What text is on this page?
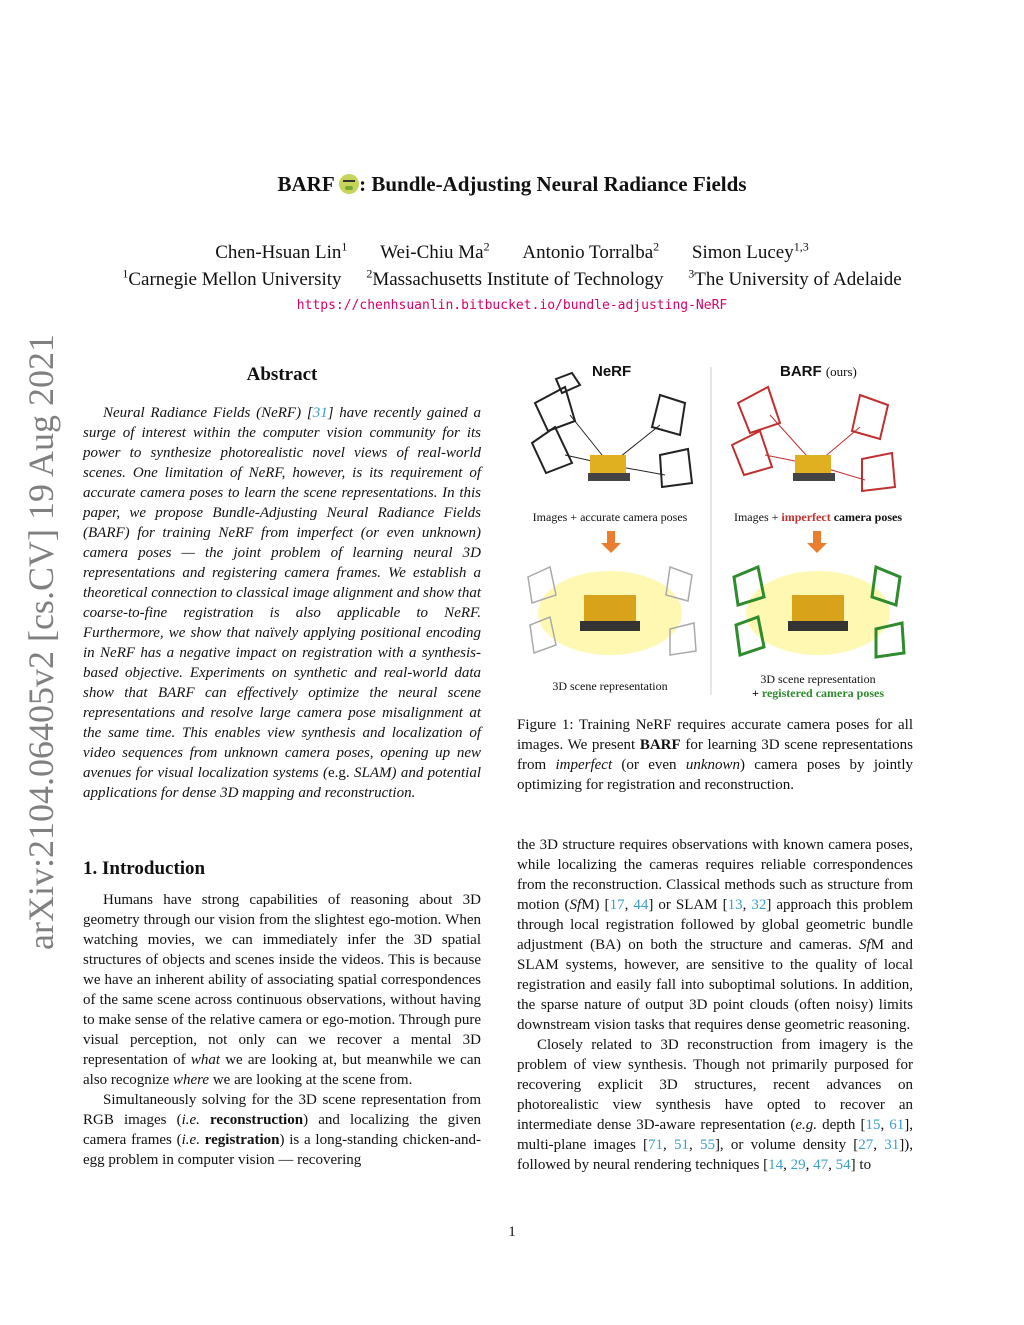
arXiv:2104.06405v2 [cs.CV] 19 Aug 2021
BARF : Bundle-Adjusting Neural Radiance Fields
Chen-Hsuan Lin$^1$ Wei-Chiu Ma$^2$ Antonio Torralba$^2$ Simon Lucey$^{1,3}$
$^1$Carnegie Mellon University $^2$Massachusetts Institute of Technology $^3$The University of Adelaide
https://chenhsuanlin.bitbucket.io/bundle-adjusting-NeRF
Abstract

Neural Radiance Fields (NeRF) [31] have recently gained a surge of interest within the computer vision community for its power to synthesize photorealistic novel views of real-world scenes. One limitation of NeRF, however, is its requirement of accurate camera poses to learn the scene representations. In this paper, we propose Bundle-Adjusting Neural Radiance Fields (BARF) for training NeRF from imperfect (or even unknown) camera poses — the joint problem of learning neural 3D representations and registering camera frames. We establish a theoretical connection to classical image alignment and show that coarse-to-fine registration is also applicable to NeRF. Furthermore, we show that naïvely applying positional encoding in NeRF has a negative impact on registration with a synthesis-based objective. Experiments on synthetic and real-world data show that BARF can effectively optimize the neural scene representations and resolve large camera pose misalignment at the same time. This enables view synthesis and localization of video sequences from unknown camera poses, opening up new avenues for visual localization systems (e.g. SLAM) and potential applications for dense 3D mapping and reconstruction.

NeRF	BARF (ours)
Images + accurate camera poses	Images + imperfect camera poses
3D scene representation	3D scene representation
+ registered camera poses

Figure 1: Training NeRF requires accurate camera poses for all images. We present BARF for learning 3D scene representations from imperfect (or even unknown) camera poses by jointly optimizing for registration and reconstruction.

1. Introduction

Humans have strong capabilities of reasoning about 3D geometry through our vision from the slightest ego-motion. When watching movies, we can immediately infer the 3D spatial structures of objects and scenes inside the videos. This is because we have an inherent ability of associating spatial correspondences of the same scene across continuous observations, without having to make sense of the relative camera or ego-motion. Through pure visual perception, not only can we recover a mental 3D representation of what we are looking at, but meanwhile we can also recognize where we are looking at the scene from.

Simultaneously solving for the 3D scene representation from RGB images (i.e. reconstruction) and localizing the given camera frames (i.e. registration) is a long-standing chicken-and-egg problem in computer vision — recovering

the 3D structure requires observations with known camera poses, while localizing the cameras requires reliable correspondences from the reconstruction. Classical methods such as structure from motion (SfM) [17, 44] or SLAM [13, 32] approach this problem through local registration followed by global geometric bundle adjustment (BA) on both the structure and cameras. SfM and SLAM systems, however, are sensitive to the quality of local registration and easily fall into suboptimal solutions. In addition, the sparse nature of output 3D point clouds (often noisy) limits downstream vision tasks that requires dense geometric reasoning.

Closely related to 3D reconstruction from imagery is the problem of view synthesis. Though not primarily purposed for recovering explicit 3D structures, recent advances on photorealistic view synthesis have opted to recover an intermediate dense 3D-aware representation (e.g. depth [15, 61], multi-plane images [71, 51, 55], or volume density [27, 31]), followed by neural rendering techniques [14, 29, 47, 54] to

1
